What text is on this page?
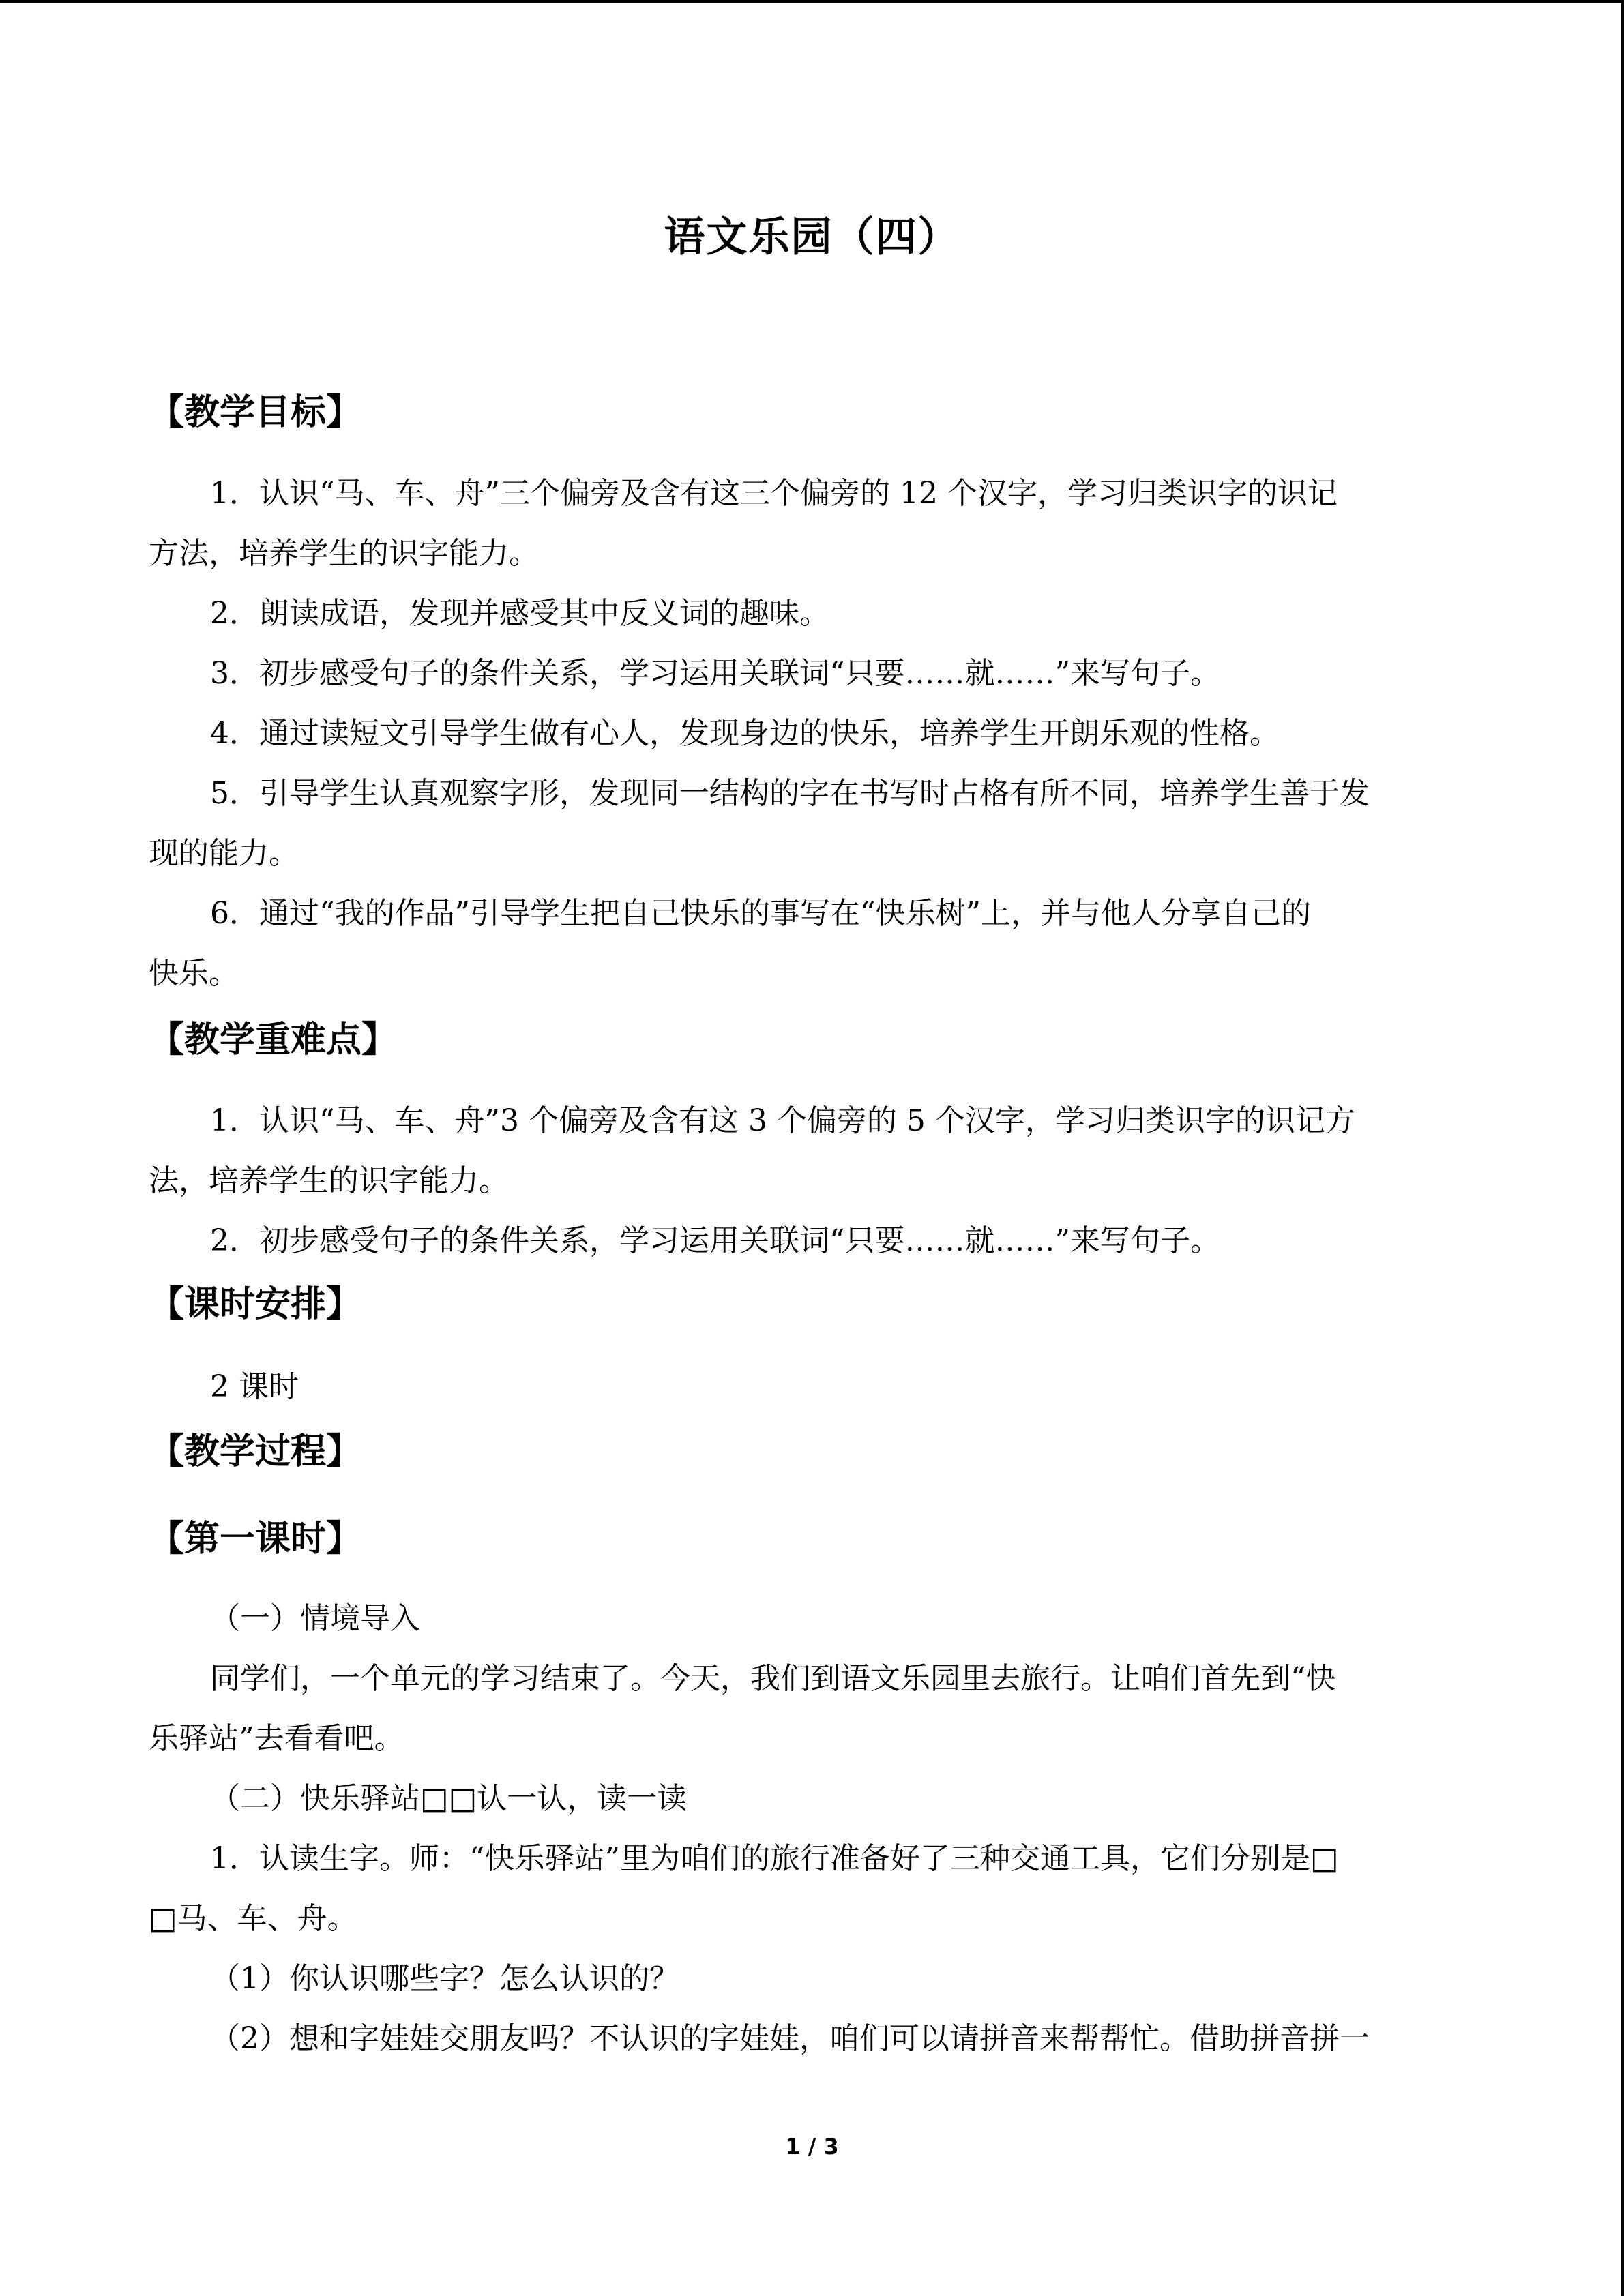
语文乐园（四）
【教学目标】
1．认识“马、车、舟”三个偏旁及含有这三个偏旁的 12 个汉字，学习归类识字的识记
方法，培养学生的识字能力。
2．朗读成语，发现并感受其中反义词的趣味。
3．初步感受句子的条件关系，学习运用关联词“只要……就……”来写句子。
4．通过读短文引导学生做有心人，发现身边的快乐，培养学生开朗乐观的性格。
5．引导学生认真观察字形，发现同一结构的字在书写时占格有所不同，培养学生善于发
现的能力。
6．通过“我的作品”引导学生把自己快乐的事写在“快乐树”上，并与他人分享自己的
快乐。
【教学重难点】
1．认识“马、车、舟”3 个偏旁及含有这 3 个偏旁的 5 个汉字，学习归类识字的识记方
法，培养学生的识字能力。
2．初步感受句子的条件关系，学习运用关联词“只要……就……”来写句子。
【课时安排】
2 课时
【教学过程】
【第一课时】
（一）情境导入
同学们，一个单元的学习结束了。今天，我们到语文乐园里去旅行。让咱们首先到“快
乐驿站”去看看吧。
（二）快乐驿站□□认一认，读一读
1．认读生字。师：“快乐驿站”里为咱们的旅行准备好了三种交通工具，它们分别是□
□马、车、舟。
（1）你认识哪些字？怎么认识的？
（2）想和字娃娃交朋友吗？不认识的字娃娃，咱们可以请拼音来帮帮忙。借助拼音拼一
1 / 3
